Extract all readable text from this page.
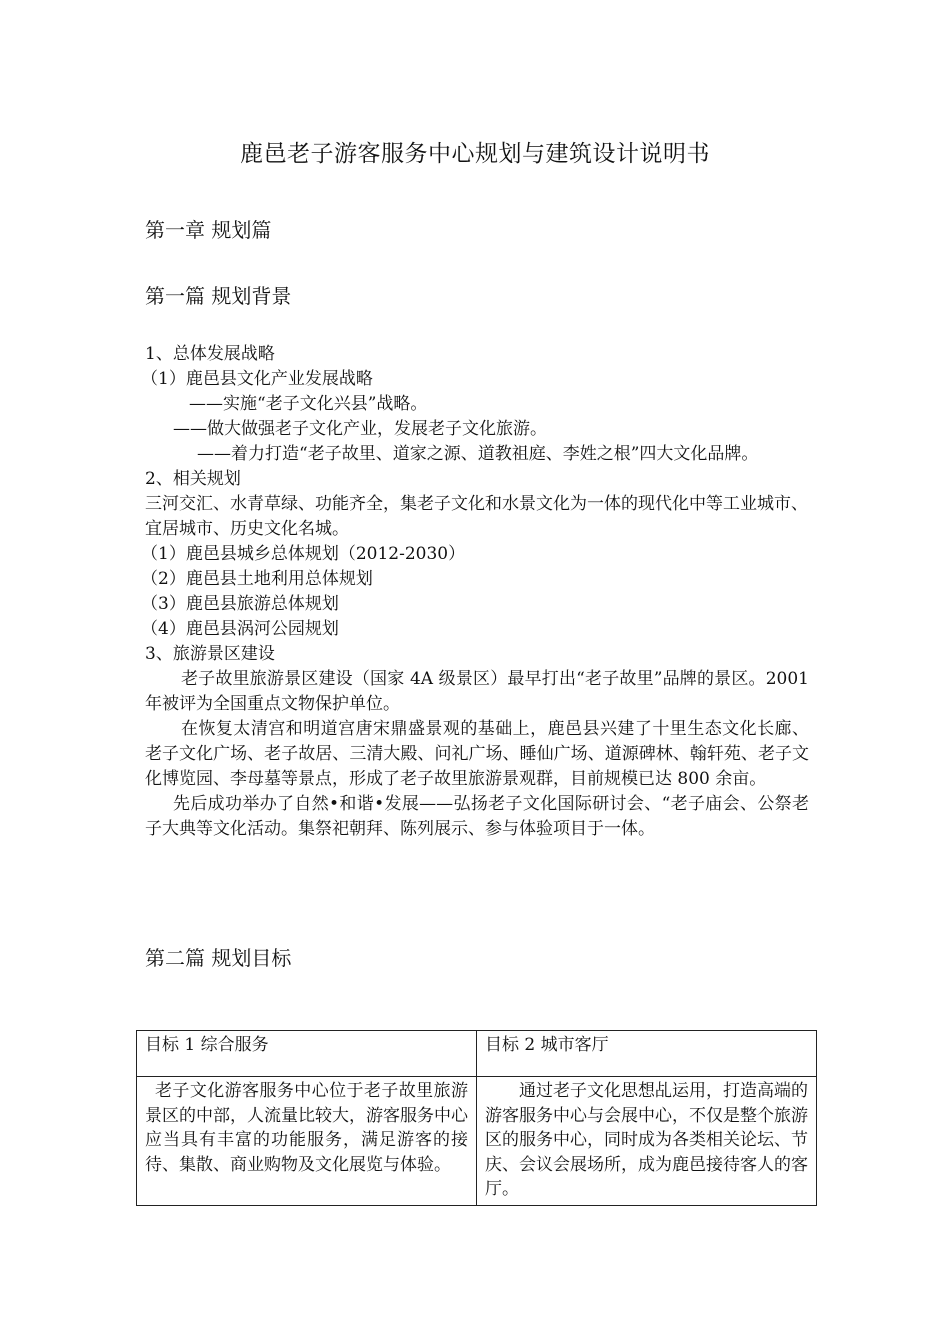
鹿邑老子游客服务中心规划与建筑设计说明书
第一章 规划篇
第一篇 规划背景
1、总体发展战略
（1）鹿邑县文化产业发展战略
——实施“老子文化兴县”战略。
——做大做强老子文化产业，发展老子文化旅游。
——着力打造“老子故里、道家之源、道教祖庭、李姓之根”四大文化品牌。
2、相关规划
三河交汇、水青草绿、功能齐全，集老子文化和水景文化为一体的现代化中等工业城市、宜居城市、历史文化名城。
（1）鹿邑县城乡总体规划（2012-2030）
（2）鹿邑县土地利用总体规划
（3）鹿邑县旅游总体规划
（4）鹿邑县涡河公园规划
3、旅游景区建设
老子故里旅游景区建设（国家 4A 级景区）最早打出“老子故里”品牌的景区。2001 年被评为全国重点文物保护单位。
在恢复太清宫和明道宫唐宋鼎盛景观的基础上，鹿邑县兴建了十里生态文化长廊、老子文化广场、老子故居、三清大殿、问礼广场、睡仙广场、道源碑林、翰轩苑、老子文化博览园、李母墓等景点，形成了老子故里旅游景观群，目前规模已达 800 余亩。
先后成功举办了自然•和谐•发展——弘扬老子文化国际研讨会、“老子庙会、公祭老子大典等文化活动。集祭祀朝拜、陈列展示、参与体验项目于一体。
第二篇 规划目标
目标 1 综合服务	目标 2 城市客厅
老子文化游客服务中心位于老子故里旅游景区的中部，人流量比较大，游客服务中心应当具有丰富的功能服务，满足游客的接待、集散、商业购物及文化展览与体验。	通过老子文化思想乩运用，打造高端的游客服务中心与会展中心，不仅是整个旅游区的服务中心，同时成为各类相关论坛、节庆、会议会展场所，成为鹿邑接待客人的客厅。
